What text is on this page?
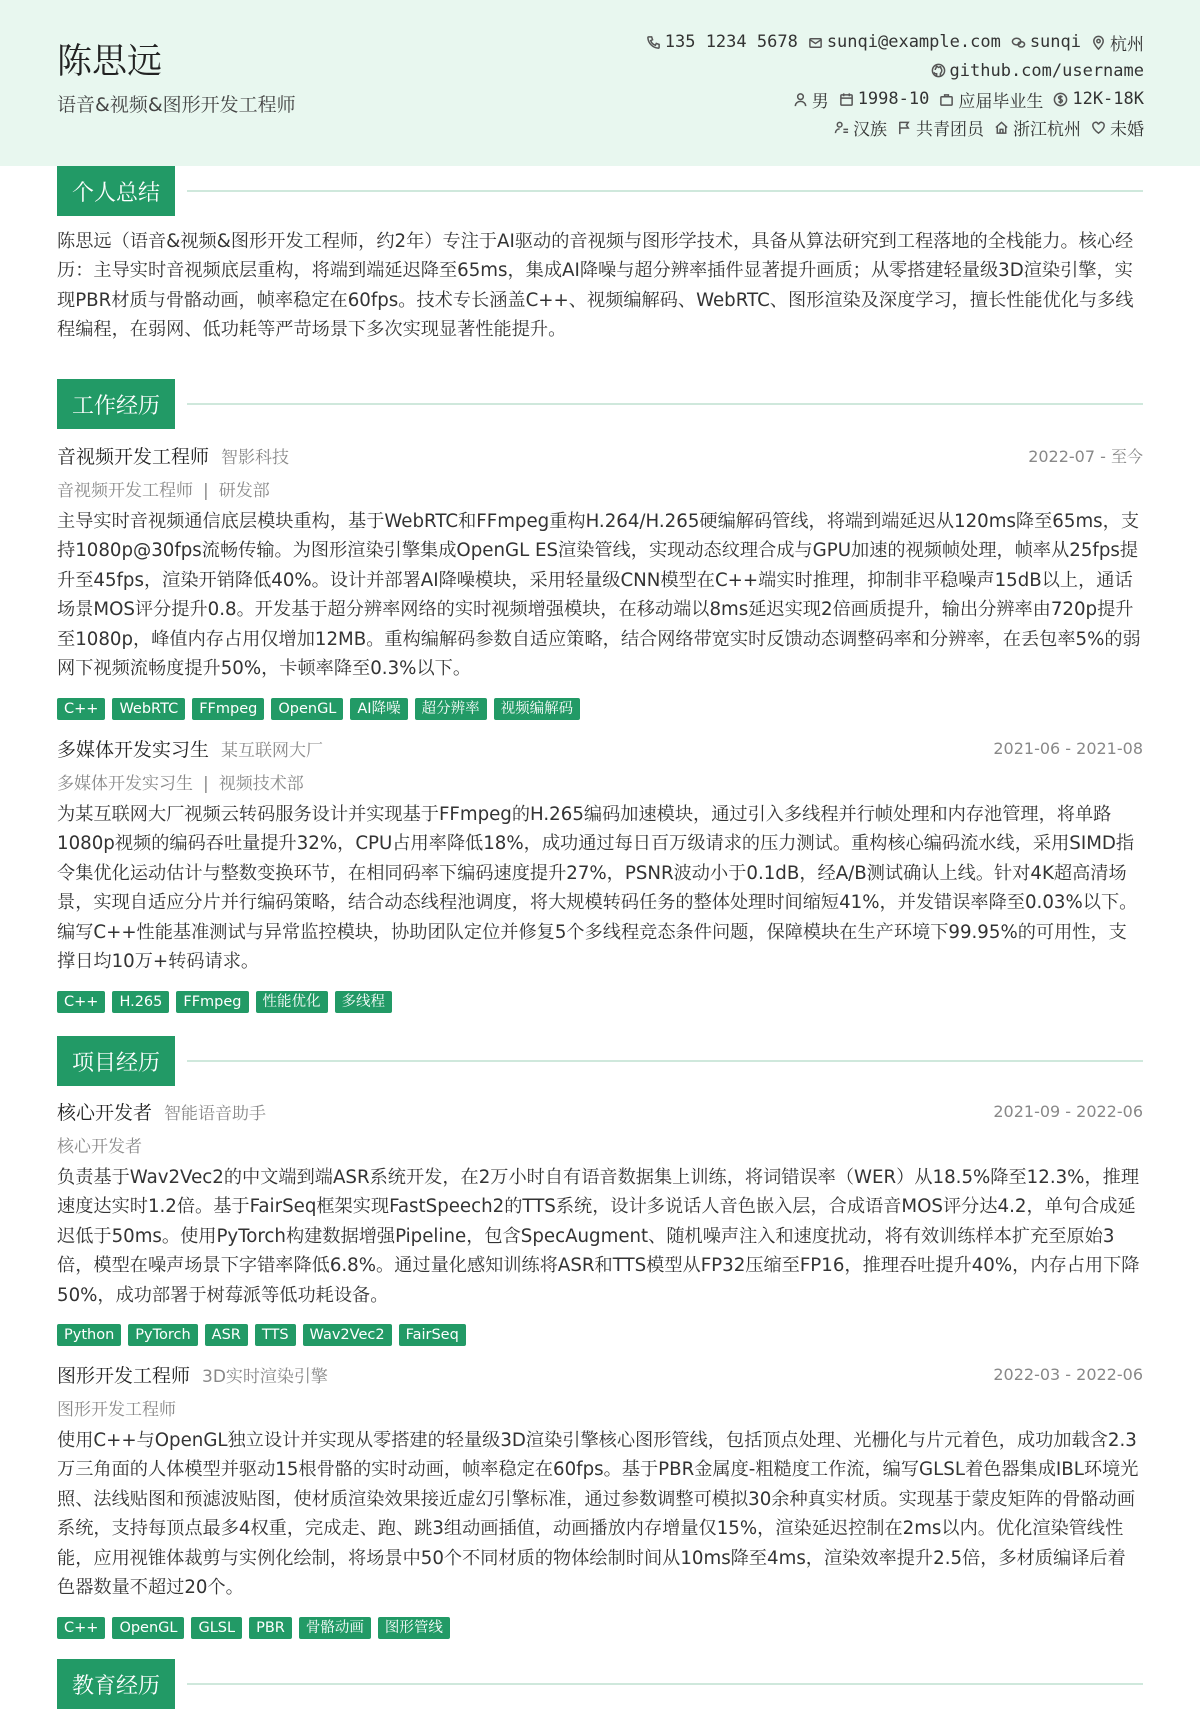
陈思远
语音&视频&图形开发工程师
135 1234 5678 sunqi@example.com sunqi 杭州
github.com/username
男 1998-10 应届毕业生 12K-18K
汉族 共青团员 浙江杭州 未婚
个人总结
陈思远（语音&视频&图形开发工程师，约2年）专注于AI驱动的音视频与图形学技术，具备从算法研究到工程落地的全栈能力。核心经历：主导实时音视频底层重构，将端到端延迟降至65ms，集成AI降噪与超分辨率插件显著提升画质；从零搭建轻量级3D渲染引擎，实现PBR材质与骨骼动画，帧率稳定在60fps。技术专长涵盖C++、视频编解码、WebRTC、图形渲染及深度学习，擅长性能优化与多线程编程，在弱网、低功耗等严苛场景下多次实现显著性能提升。
工作经历
音视频开发工程师 智影科技	2022-07 - 至今
音视频开发工程师 | 研发部
主导实时音视频通信底层模块重构，基于WebRTC和FFmpeg重构H.264/H.265硬编解码管线，将端到端延迟从120ms降至65ms，支持1080p@30fps流畅传输。为图形渲染引擎集成OpenGL ES渲染管线，实现动态纹理合成与GPU加速的视频帧处理，帧率从25fps提升至45fps，渲染开销降低40%。设计并部署AI降噪模块，采用轻量级CNN模型在C++端实时推理，抑制非平稳噪声15dB以上，通话场景MOS评分提升0.8。开发基于超分辨率网络的实时视频增强模块，在移动端以8ms延迟实现2倍画质提升，输出分辨率由720p提升至1080p，峰值内存占用仅增加12MB。重构编解码参数自适应策略，结合网络带宽实时反馈动态调整码率和分辨率，在丢包率5%的弱网下视频流畅度提升50%，卡顿率降至0.3%以下。
C++	WebRTC	FFmpeg	OpenGL	AI降噪	超分辨率	视频编解码
多媒体开发实习生 某互联网大厂	2021-06 - 2021-08
多媒体开发实习生 | 视频技术部
为某互联网大厂视频云转码服务设计并实现基于FFmpeg的H.265编码加速模块，通过引入多线程并行帧处理和内存池管理，将单路1080p视频的编码吞吐量提升32%，CPU占用率降低18%，成功通过每日百万级请求的压力测试。重构核心编码流水线，采用SIMD指令集优化运动估计与整数变换环节，在相同码率下编码速度提升27%，PSNR波动小于0.1dB，经A/B测试确认上线。针对4K超高清场景，实现自适应分片并行编码策略，结合动态线程池调度，将大规模转码任务的整体处理时间缩短41%，并发错误率降至0.03%以下。编写C++性能基准测试与异常监控模块，协助团队定位并修复5个多线程竞态条件问题，保障模块在生产环境下99.95%的可用性，支撑日均10万+转码请求。
C++	H.265	FFmpeg	性能优化	多线程
项目经历
核心开发者 智能语音助手	2021-09 - 2022-06
核心开发者
负责基于Wav2Vec2的中文端到端ASR系统开发，在2万小时自有语音数据集上训练，将词错误率（WER）从18.5%降至12.3%，推理速度达实时1.2倍。基于FairSeq框架实现FastSpeech2的TTS系统，设计多说话人音色嵌入层，合成语音MOS评分达4.2，单句合成延迟低于50ms。使用PyTorch构建数据增强Pipeline，包含SpecAugment、随机噪声注入和速度扰动，将有效训练样本扩充至原始3倍，模型在噪声场景下字错率降低6.8%。通过量化感知训练将ASR和TTS模型从FP32压缩至FP16，推理吞吐提升40%，内存占用下降50%，成功部署于树莓派等低功耗设备。
Python	PyTorch	ASR	TTS	Wav2Vec2	FairSeq
图形开发工程师 3D实时渲染引擎	2022-03 - 2022-06
图形开发工程师
使用C++与OpenGL独立设计并实现从零搭建的轻量级3D渲染引擎核心图形管线，包括顶点处理、光栅化与片元着色，成功加载含2.3万三角面的人体模型并驱动15根骨骼的实时动画，帧率稳定在60fps。基于PBR金属度-粗糙度工作流，编写GLSL着色器集成IBL环境光照、法线贴图和预滤波贴图，使材质渲染效果接近虚幻引擎标准，通过参数调整可模拟30余种真实材质。实现基于蒙皮矩阵的骨骼动画系统，支持每顶点最多4权重，完成走、跑、跳3组动画插值，动画播放内存增量仅15%，渲染延迟控制在2ms以内。优化渲染管线性能，应用视锥体裁剪与实例化绘制，将场景中50个不同材质的物体绘制时间从10ms降至4ms，渲染效率提升2.5倍，多材质编译后着色器数量不超过20个。
C++	OpenGL	GLSL	PBR	骨骼动画	图形管线
教育经历
